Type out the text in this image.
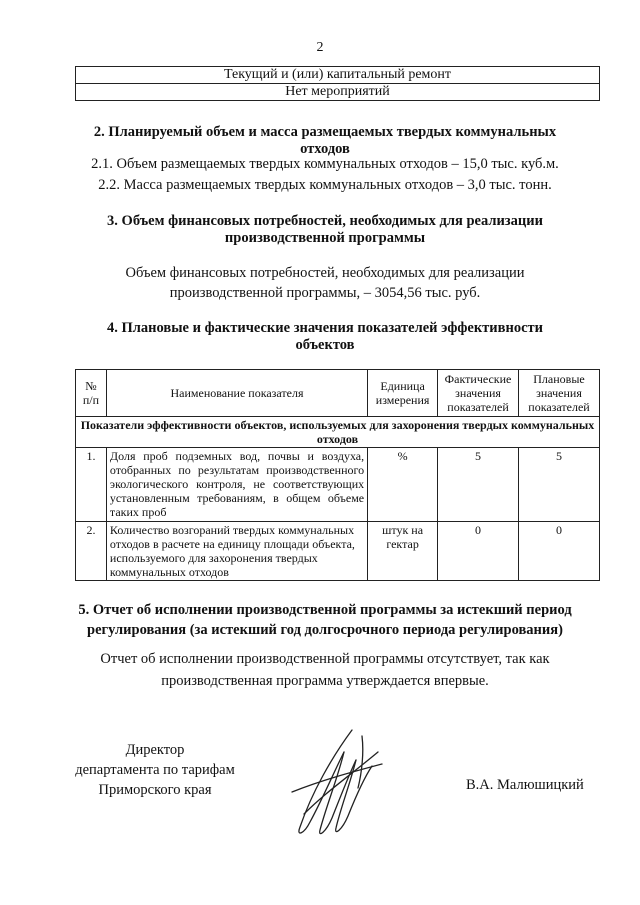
2
Текущий и (или) капитальный ремонт
Нет мероприятий
2. Планируемый объем и масса размещаемых твердых коммунальных
отходов
2.1. Объем размещаемых твердых коммунальных отходов – 15,0 тыс. куб.м.
2.2. Масса размещаемых твердых коммунальных отходов – 3,0 тыс. тонн.
3. Объем финансовых потребностей, необходимых для реализации
производственной программы
Объем финансовых потребностей, необходимых для реализации
производственной программы, – 3054,56 тыс. руб.
4. Плановые и фактические значения показателей эффективности
объектов
№ п/п	Наименование показателя	Единица измерения	Фактические значения показателей	Плановые значения показателей
Показатели эффективности объектов, используемых для захоронения твердых коммунальных отходов				
1.	Доля проб подземных вод, почвы и воздуха, отобранных по результатам производственного экологического контроля, не соответствующих установленным требованиям, в общем объеме таких проб	%	5	5
2.	Количество возгораний твердых коммунальных отходов в расчете на единицу площади объекта, используемого для захоронения твердых коммунальных отходов	штук на гектар	0	0
5. Отчет об исполнении производственной программы за истекший период
регулирования (за истекший год долгосрочного периода регулирования)
Отчет об исполнении производственной программы отсутствует, так как
производственная программа утверждается впервые.
Директор
департамента по тарифам
Приморского края	В.А. Малюшицкий
